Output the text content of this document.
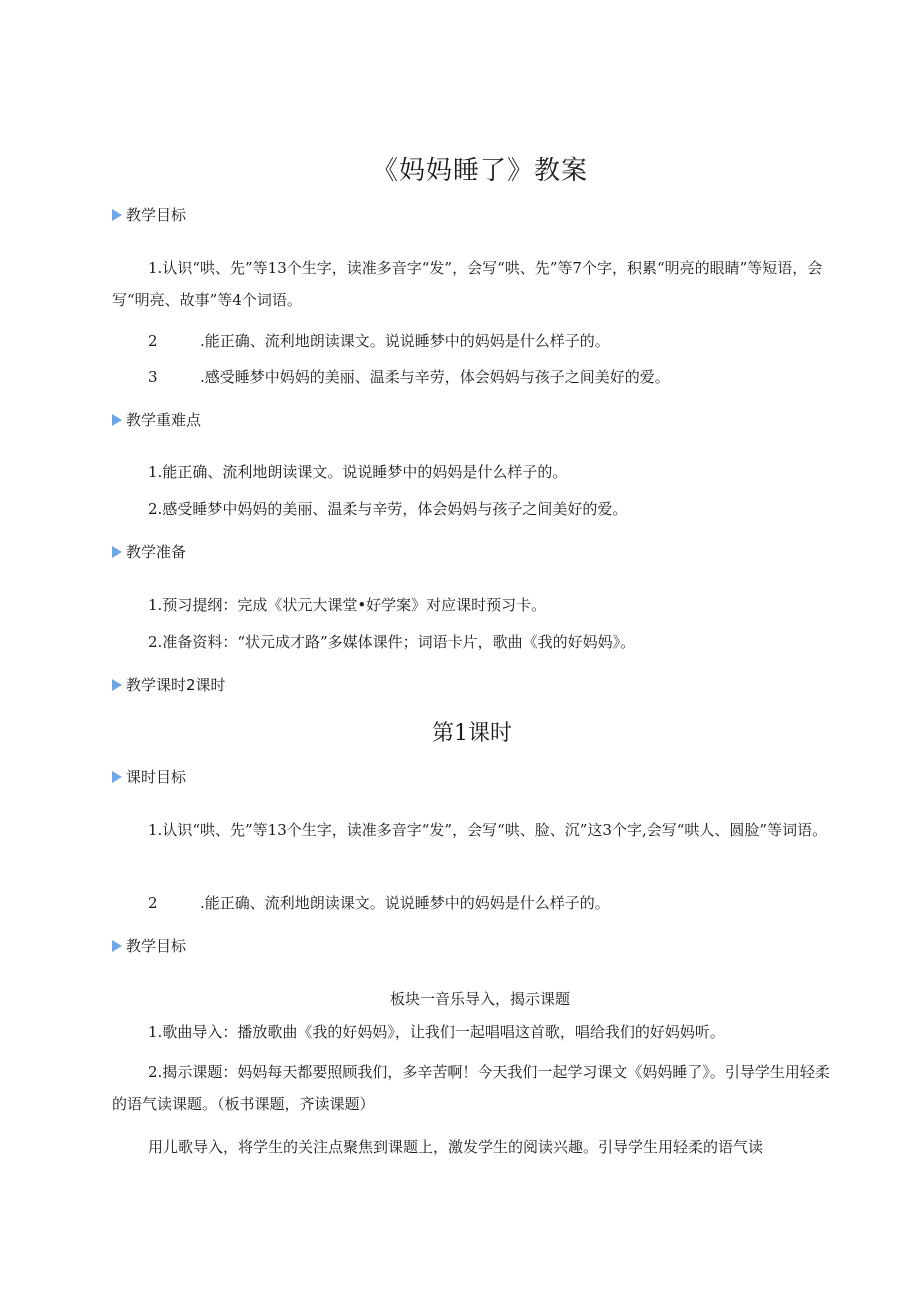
《妈妈睡了》教案
教学目标
1.认识“哄、先”等13个生字，读准多音字“发”，会写“哄、先”等7个字，积累“明亮的眼睛”等短语，会写“明亮、故事”等4个词语。
2	.能正确、流利地朗读课文。说说睡梦中的妈妈是什么样子的。
3	.感受睡梦中妈妈的美丽、温柔与辛劳，体会妈妈与孩子之间美好的爱。
教学重难点
1.能正确、流利地朗读课文。说说睡梦中的妈妈是什么样子的。
2.感受睡梦中妈妈的美丽、温柔与辛劳，体会妈妈与孩子之间美好的爱。
教学准备
1.预习提纲：完成《状元大课堂•好学案》对应课时预习卡。
2.准备资料：“状元成才路”多媒体课件；词语卡片，歌曲《我的好妈妈》。
教学课时2课时
第1课时
课时目标
1.认识“哄、先”等13个生字，读准多音字“发”，会写“哄、脸、沉”这3个字,会写“哄人、圆脸”等词语。
2	.能正确、流利地朗读课文。说说睡梦中的妈妈是什么样子的。
教学目标
板块一音乐导入，揭示课题
1.歌曲导入：播放歌曲《我的好妈妈》，让我们一起唱唱这首歌，唱给我们的好妈妈听。
2.揭示课题：妈妈每天都要照顾我们，多辛苦啊！今天我们一起学习课文《妈妈睡了》。引导学生用轻柔的语气读课题。（板书课题，齐读课题）
用儿歌导入，将学生的关注点聚焦到课题上，激发学生的阅读兴趣。引导学生用轻柔的语气读
